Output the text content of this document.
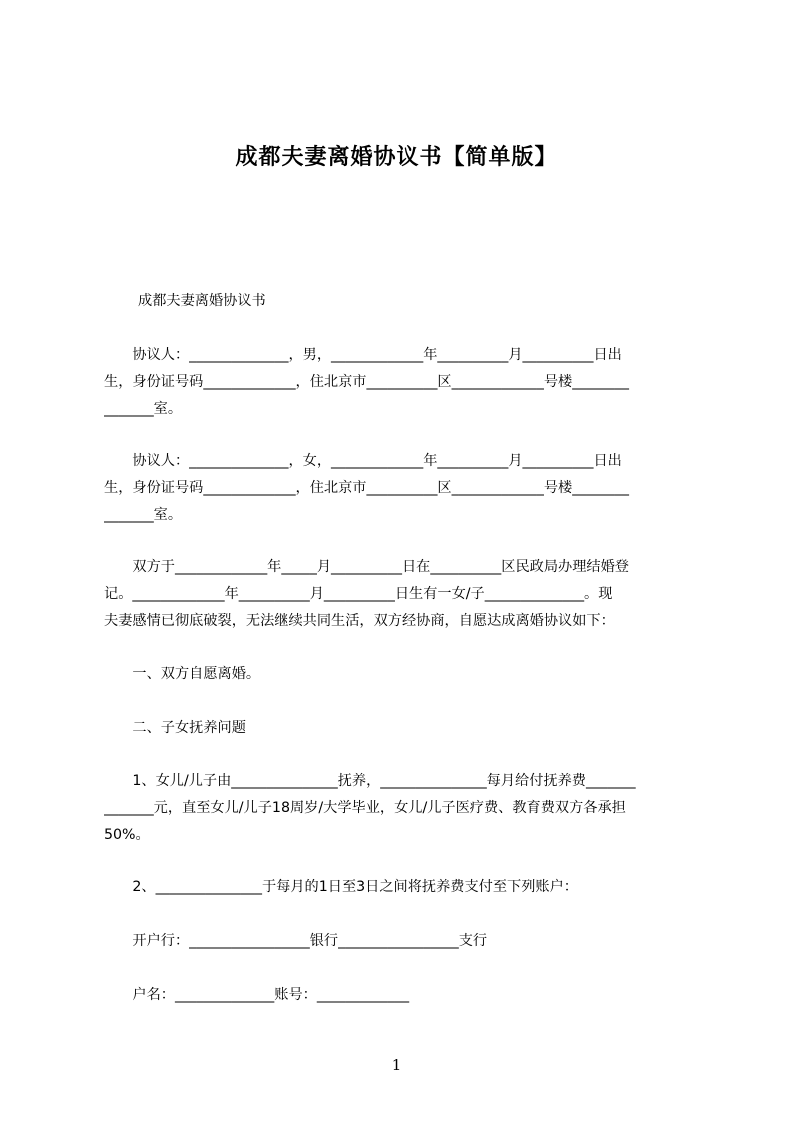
成都夫妻离婚协议书【简单版】
成都夫妻离婚协议书
　　协议人：______________，男，_____________年__________月__________日出
生，身份证号码_____________，住北京市__________区_____________号楼________
_______室。
　　协议人：______________，女，_____________年__________月__________日出
生，身份证号码_____________，住北京市__________区_____________号楼________
_______室。
　　双方于_____________年_____月__________日在__________区民政局办理结婚登
记。_____________年__________月__________日生有一女/子______________。现
夫妻感情已彻底破裂，无法继续共同生活，双方经协商，自愿达成离婚协议如下：
　　一、双方自愿离婚。
　　二、子女抚养问题
　　1、女儿/儿子由_______________抚养，_______________每月给付抚养费_______
_______元，直至女儿/儿子18周岁/大学毕业，女儿/儿子医疗费、教育费双方各承担
50%。
　　2、_______________于每月的1日至3日之间将抚养费支付至下列账户：
　　开户行：_________________银行_________________支行
　　户名：______________账号：_____________
1
